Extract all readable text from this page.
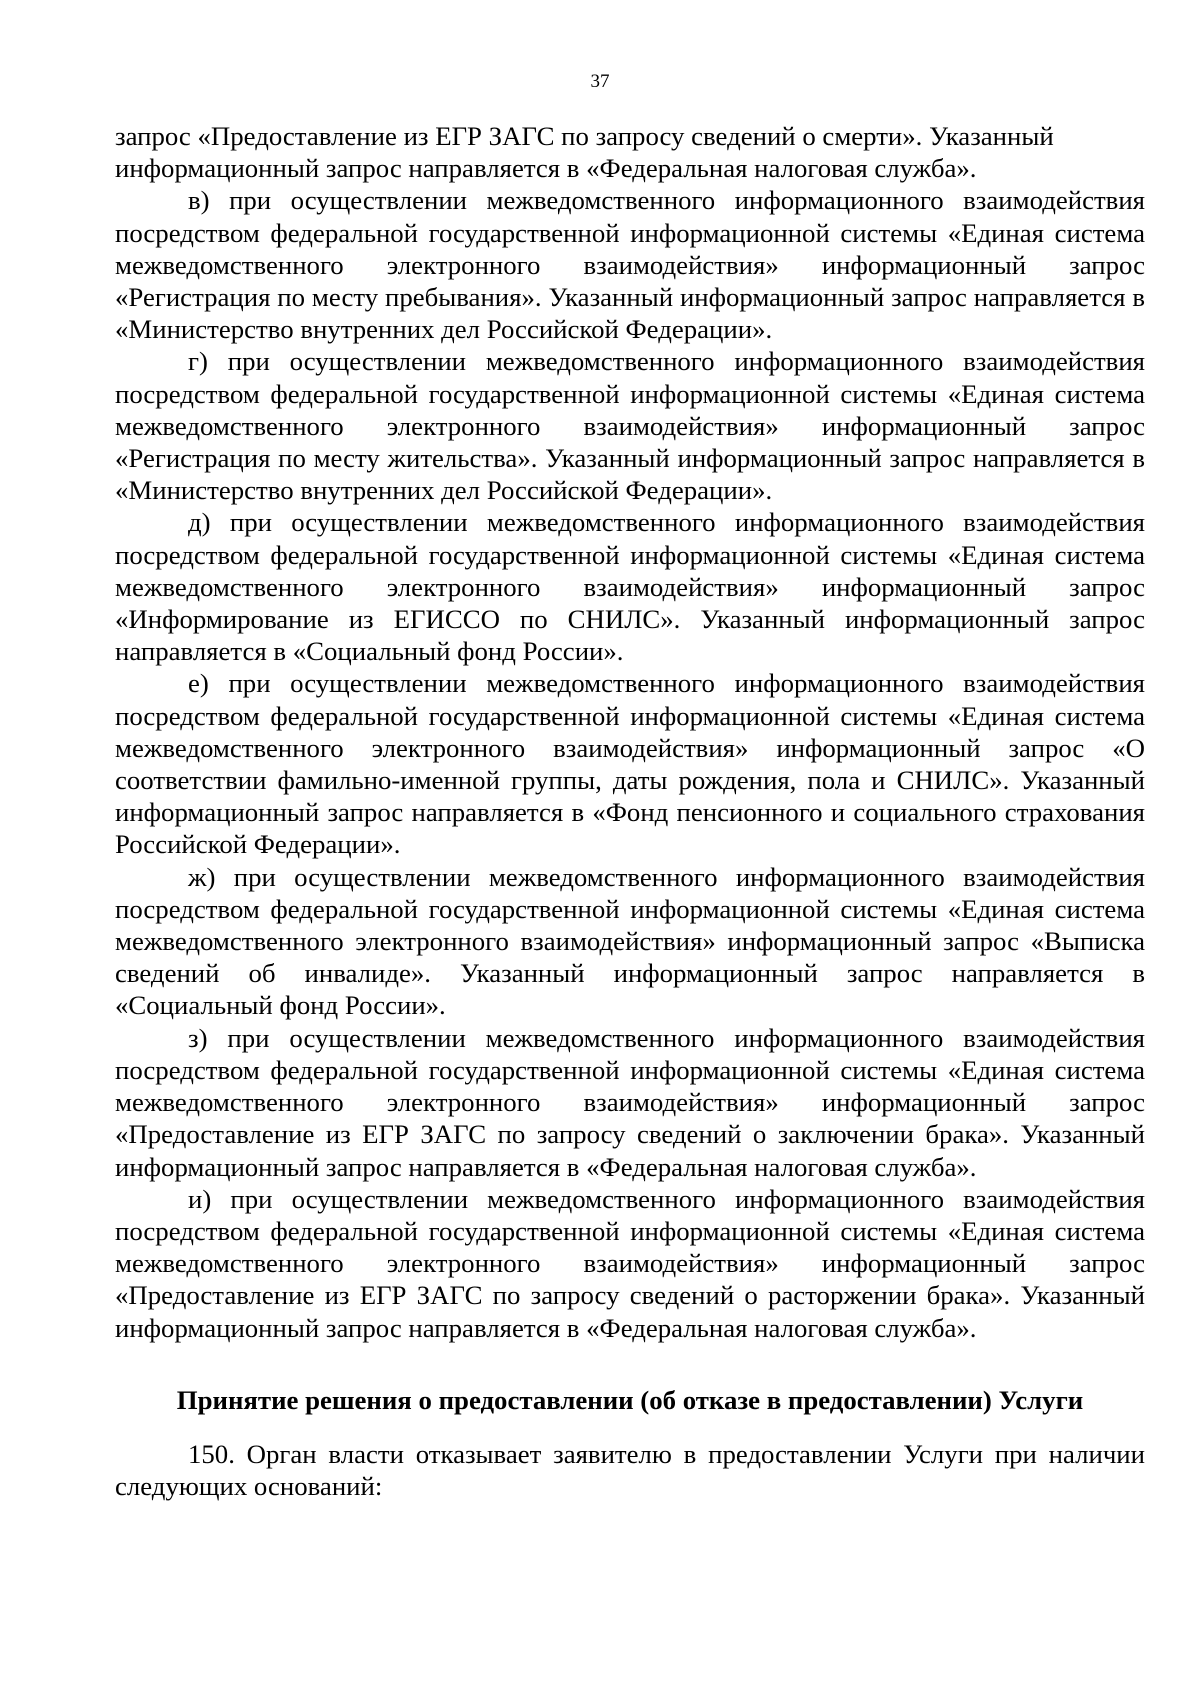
37

запрос «Предоставление из ЕГР ЗАГС по запросу сведений о смерти». Указанный информационный запрос направляется в «Федеральная налоговая служба».

в) при осуществлении межведомственного информационного взаимодействия посредством федеральной государственной информационной системы «Единая система межведомственного электронного взаимодействия» информационный запрос «Регистрация по месту пребывания». Указанный информационный запрос направляется в «Министерство внутренних дел Российской Федерации».

г) при осуществлении межведомственного информационного взаимодействия посредством федеральной государственной информационной системы «Единая система межведомственного электронного взаимодействия» информационный запрос «Регистрация по месту жительства». Указанный информационный запрос направляется в «Министерство внутренних дел Российской Федерации».

д) при осуществлении межведомственного информационного взаимодействия посредством федеральной государственной информационной системы «Единая система межведомственного электронного взаимодействия» информационный запрос «Информирование из ЕГИССО по СНИЛС». Указанный информационный запрос направляется в «Социальный фонд России».

е) при осуществлении межведомственного информационного взаимодействия посредством федеральной государственной информационной системы «Единая система межведомственного электронного взаимодействия» информационный запрос «О соответствии фамильно-именной группы, даты рождения, пола и СНИЛС». Указанный информационный запрос направляется в «Фонд пенсионного и социального страхования Российской Федерации».

ж) при осуществлении межведомственного информационного взаимодействия посредством федеральной государственной информационной системы «Единая система межведомственного электронного взаимодействия» информационный запрос «Выписка сведений об инвалиде». Указанный информационный запрос направляется в «Социальный фонд России».

з) при осуществлении межведомственного информационного взаимодействия посредством федеральной государственной информационной системы «Единая система межведомственного электронного взаимодействия» информационный запрос «Предоставление из ЕГР ЗАГС по запросу сведений о заключении брака». Указанный информационный запрос направляется в «Федеральная налоговая служба».

и) при осуществлении межведомственного информационного взаимодействия посредством федеральной государственной информационной системы «Единая система межведомственного электронного взаимодействия» информационный запрос «Предоставление из ЕГР ЗАГС по запросу сведений о расторжении брака». Указанный информационный запрос направляется в «Федеральная налоговая служба».

Принятие решения о предоставлении (об отказе в предоставлении) Услуги

150. Орган власти отказывает заявителю в предоставлении Услуги при наличии следующих оснований:
